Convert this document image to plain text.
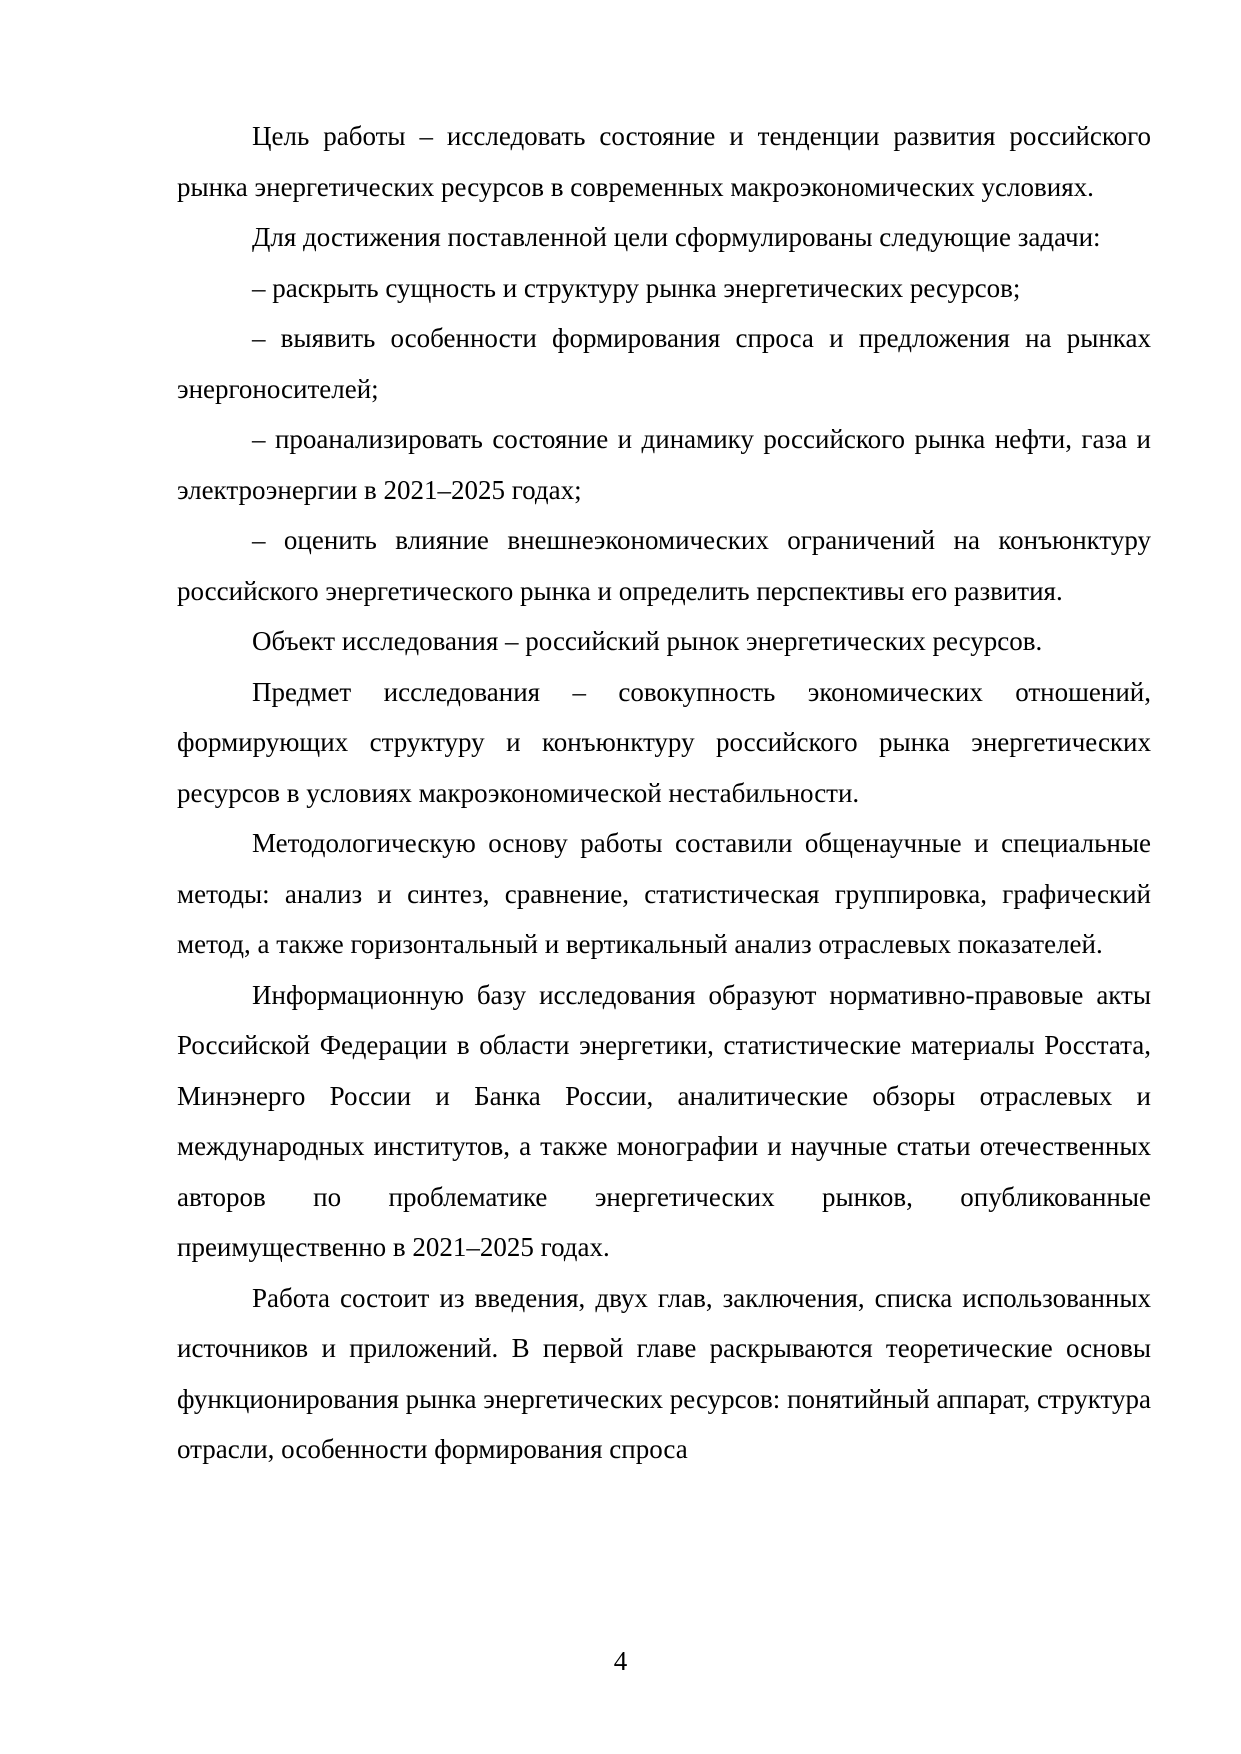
Цель работы – исследовать состояние и тенденции развития российского рынка энергетических ресурсов в современных макроэкономических условиях.

Для достижения поставленной цели сформулированы следующие задачи:

– раскрыть сущность и структуру рынка энергетических ресурсов;

– выявить особенности формирования спроса и предложения на рынках энергоносителей;

– проанализировать состояние и динамику российского рынка нефти, газа и электроэнергии в 2021–2025 годах;

– оценить влияние внешнеэкономических ограничений на конъюнктуру российского энергетического рынка и определить перспективы его развития.

Объект исследования – российский рынок энергетических ресурсов.

Предмет исследования – совокупность экономических отношений, формирующих структуру и конъюнктуру российского рынка энергетических ресурсов в условиях макроэкономической нестабильности.

Методологическую основу работы составили общенаучные и специальные методы: анализ и синтез, сравнение, статистическая группировка, графический метод, а также горизонтальный и вертикальный анализ отраслевых показателей.

Информационную базу исследования образуют нормативно-правовые акты Российской Федерации в области энергетики, статистические материалы Росстата, Минэнерго России и Банка России, аналитические обзоры отраслевых и международных институтов, а также монографии и научные статьи отечественных авторов по проблематике энергетических рынков, опубликованные преимущественно в 2021–2025 годах.

Работа состоит из введения, двух глав, заключения, списка использованных источников и приложений. В первой главе раскрываются теоретические основы функционирования рынка энергетических ресурсов: понятийный аппарат, структура отрасли, особенности формирования спроса

4
